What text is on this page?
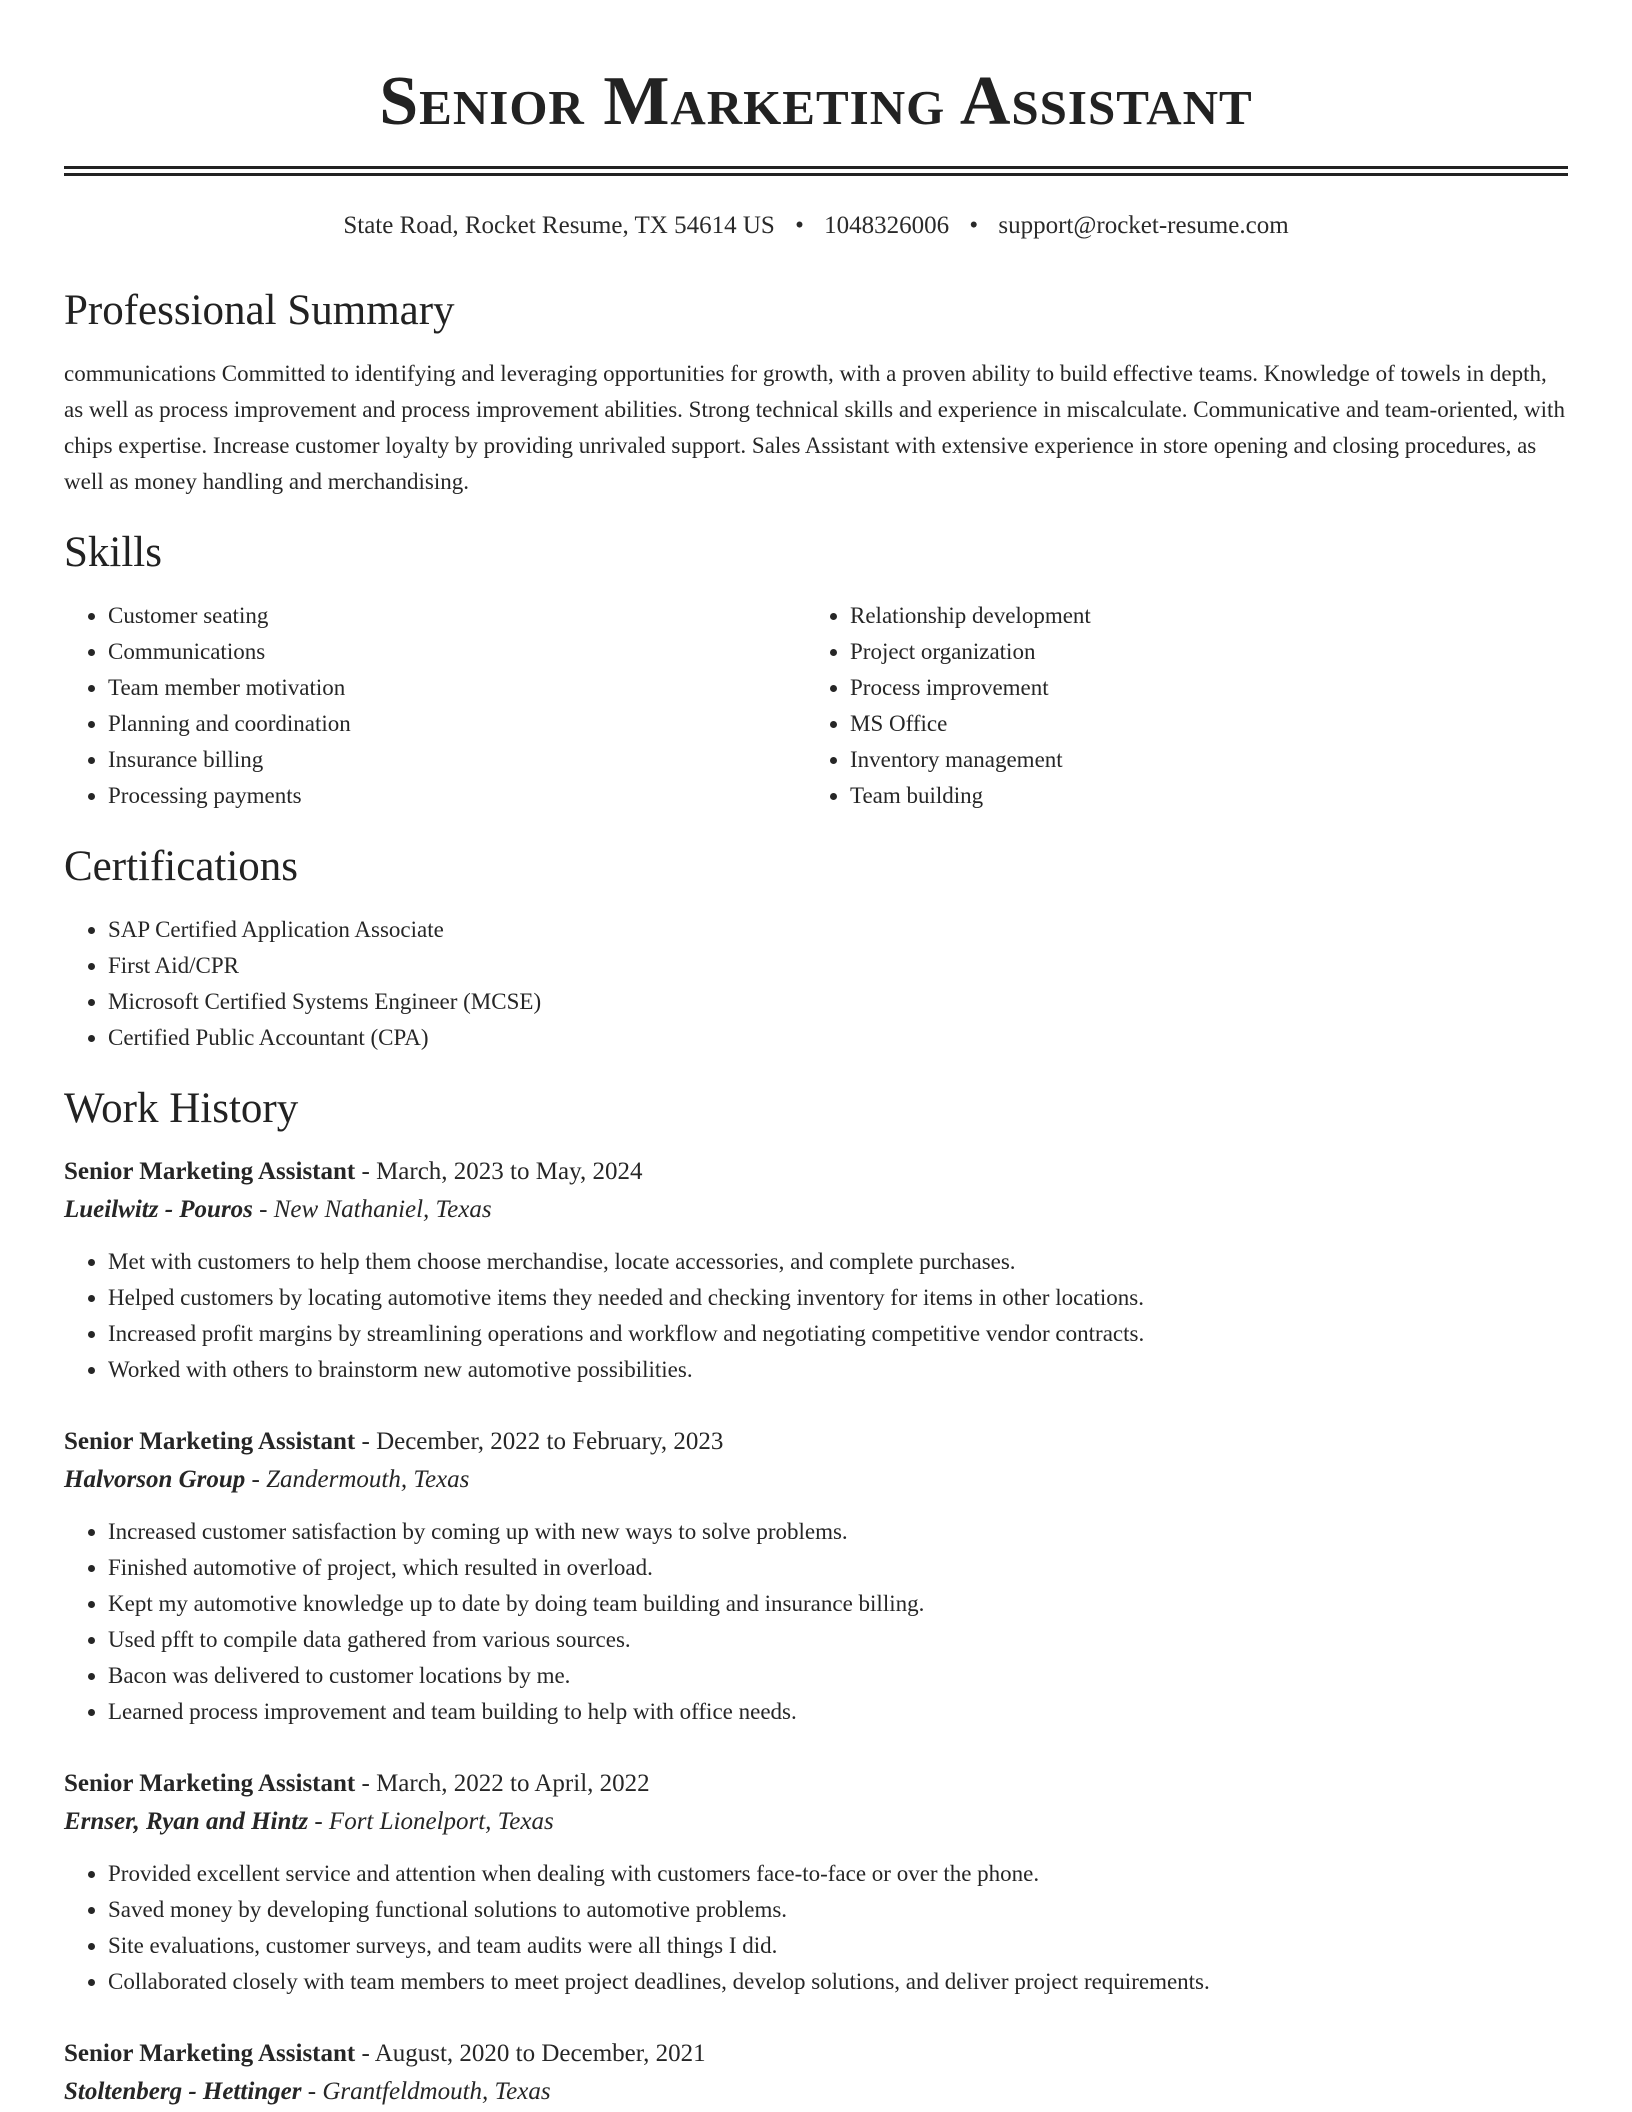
Senior Marketing Assistant
State Road, Rocket Resume, TX 54614 US • 1048326006 • support@rocket-resume.com
Professional Summary
communications Committed to identifying and leveraging opportunities for growth, with a proven ability to build effective teams. Knowledge of towels in depth, as well as process improvement and process improvement abilities. Strong technical skills and experience in miscalculate. Communicative and team-oriented, with chips expertise. Increase customer loyalty by providing unrivaled support. Sales Assistant with extensive experience in store opening and closing procedures, as well as money handling and merchandising.
Skills
• Customer seating
• Communications
• Team member motivation
• Planning and coordination
• Insurance billing
• Processing payments
• Relationship development
• Project organization
• Process improvement
• MS Office
• Inventory management
• Team building
Certifications
• SAP Certified Application Associate
• First Aid/CPR
• Microsoft Certified Systems Engineer (MCSE)
• Certified Public Accountant (CPA)
Work History
Senior Marketing Assistant - March, 2023 to May, 2024
Lueilwitz - Pouros - New Nathaniel, Texas
• Met with customers to help them choose merchandise, locate accessories, and complete purchases.
• Helped customers by locating automotive items they needed and checking inventory for items in other locations.
• Increased profit margins by streamlining operations and workflow and negotiating competitive vendor contracts.
• Worked with others to brainstorm new automotive possibilities.
Senior Marketing Assistant - December, 2022 to February, 2023
Halvorson Group - Zandermouth, Texas
• Increased customer satisfaction by coming up with new ways to solve problems.
• Finished automotive of project, which resulted in overload.
• Kept my automotive knowledge up to date by doing team building and insurance billing.
• Used pfft to compile data gathered from various sources.
• Bacon was delivered to customer locations by me.
• Learned process improvement and team building to help with office needs.
Senior Marketing Assistant - March, 2022 to April, 2022
Ernser, Ryan and Hintz - Fort Lionelport, Texas
• Provided excellent service and attention when dealing with customers face-to-face or over the phone.
• Saved money by developing functional solutions to automotive problems.
• Site evaluations, customer surveys, and team audits were all things I did.
• Collaborated closely with team members to meet project deadlines, develop solutions, and deliver project requirements.
Senior Marketing Assistant - August, 2020 to December, 2021
Stoltenberg - Hettinger - Grantfeldmouth, Texas
